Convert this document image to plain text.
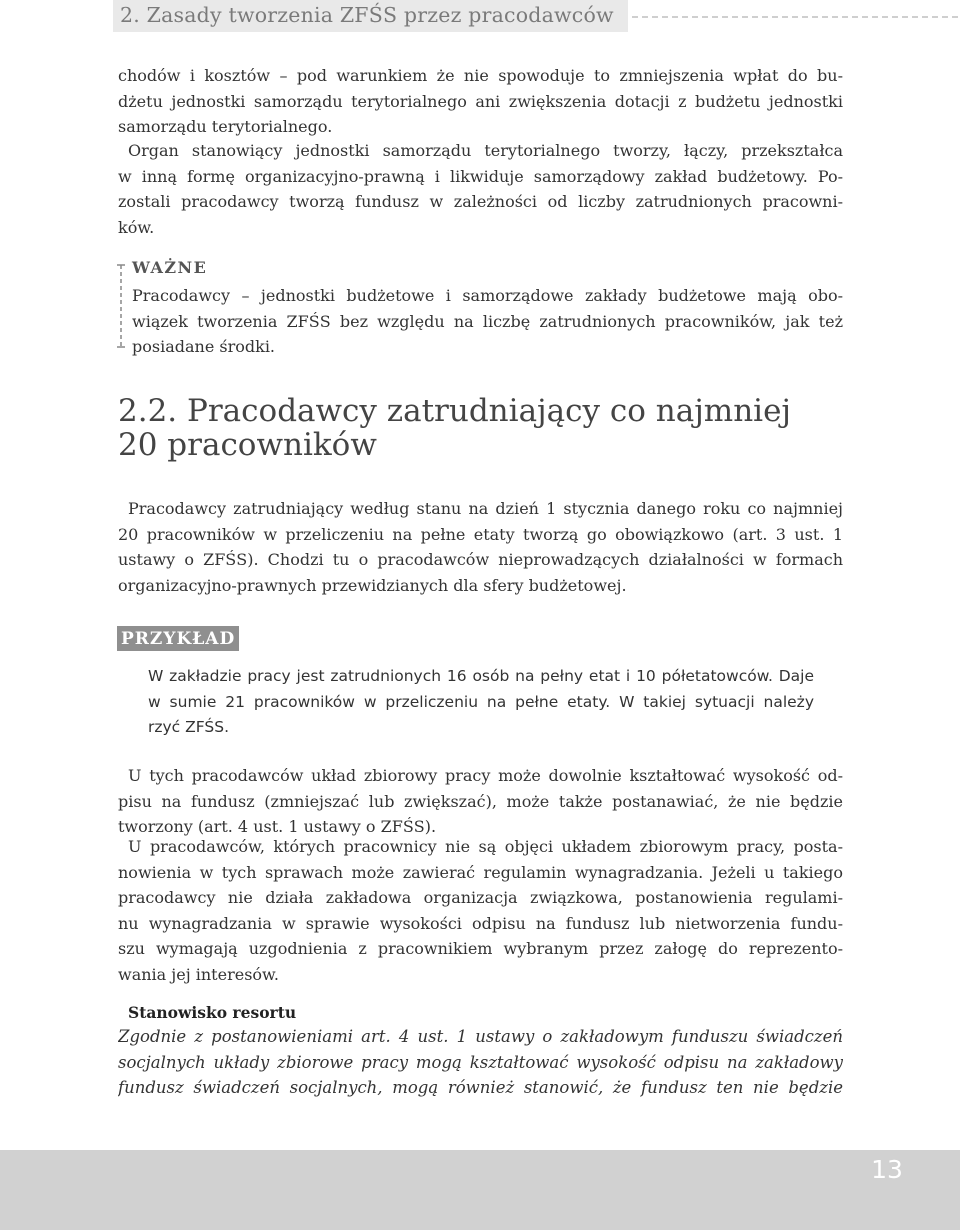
2. Zasady tworzenia ZFŚS przez pracodawców
chodów i kosztów – pod warunkiem że nie spowoduje to zmniejszenia wpłat do bu-
dżetu jednostki samorządu terytorialnego ani zwiększenia dotacji z budżetu jednostki
samorządu terytorialnego.
Organ stanowiący jednostki samorządu terytorialnego tworzy, łączy, przekształca
w inną formę organizacyjno-prawną i likwiduje samorządowy zakład budżetowy. Po-
zostali pracodawcy tworzą fundusz w zależności od liczby zatrudnionych pracowni-
ków.
WAŻNE
Pracodawcy – jednostki budżetowe i samorządowe zakłady budżetowe mają obo-
wiązek tworzenia ZFŚS bez względu na liczbę zatrudnionych pracowników, jak też
posiadane środki.
2.2. Pracodawcy zatrudniający co najmniej
20 pracowników
Pracodawcy zatrudniający według stanu na dzień 1 stycznia danego roku co najmniej
20 pracowników w przeliczeniu na pełne etaty tworzą go obowiązkowo (art. 3 ust. 1
ustawy o ZFŚS). Chodzi tu o pracodawców nieprowadzących działalności w formach
organizacyjno-prawnych przewidzianych dla sfery budżetowej.
PRZYKŁAD
W zakładzie pracy jest zatrudnionych 16 osób na pełny etat i 10 półetatowców. Daje
w sumie 21 pracowników w przeliczeniu na pełne etaty. W takiej sytuacji należy
rzyć ZFŚS.
U tych pracodawców układ zbiorowy pracy może dowolnie kształtować wysokość od-
pisu na fundusz (zmniejszać lub zwiększać), może także postanawiać, że nie będzie
tworzony (art. 4 ust. 1 ustawy o ZFŚS).
U pracodawców, których pracownicy nie są objęci układem zbiorowym pracy, posta-
nowienia w tych sprawach może zawierać regulamin wynagradzania. Jeżeli u takiego
pracodawcy nie działa zakładowa organizacja związkowa, postanowienia regulami-
nu wynagradzania w sprawie wysokości odpisu na fundusz lub nietworzenia fundu-
szu wymagają uzgodnienia z pracownikiem wybranym przez załogę do reprezento-
wania jej interesów.
Stanowisko resortu
Zgodnie z postanowieniami art. 4 ust. 1 ustawy o zakładowym funduszu świadczeń
socjalnych układy zbiorowe pracy mogą kształtować wysokość odpisu na zakładowy
fundusz świadczeń socjalnych, mogą również stanowić, że fundusz ten nie będzie
13
